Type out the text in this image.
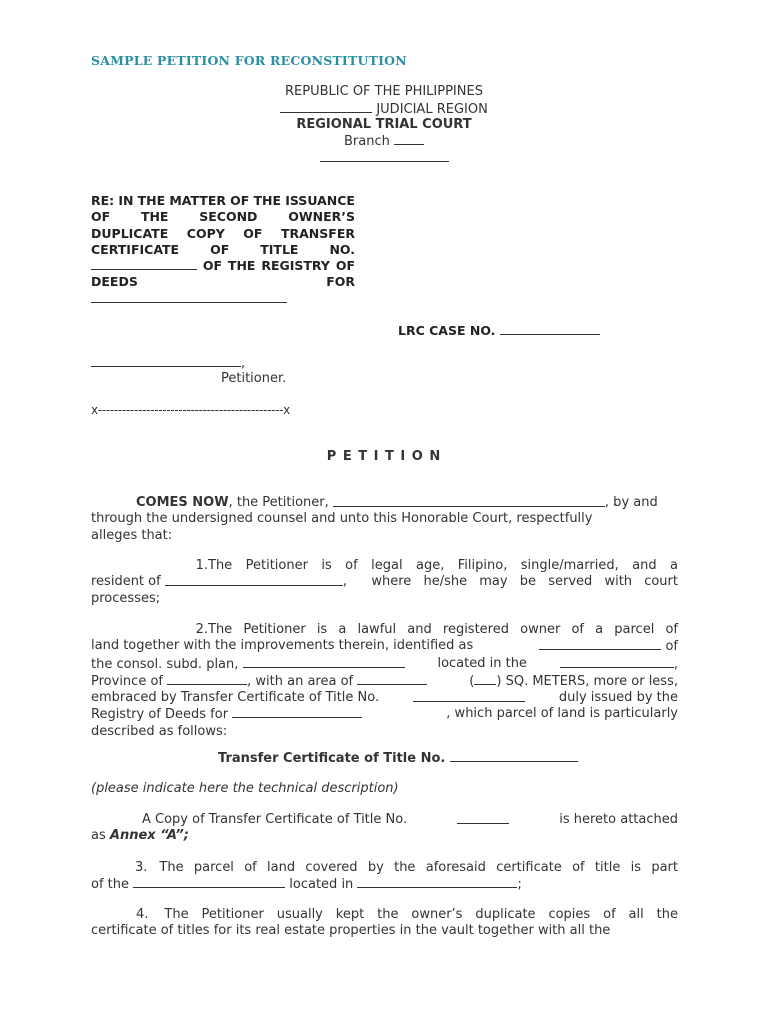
SAMPLE PETITION FOR RECONSTITUTION
REPUBLIC OF THE PHILIPPINES
JUDICIAL REGION
REGIONAL TRIAL COURT
Branch
RE: IN THE MATTER OF THE ISSUANCE
OF THE SECOND OWNER’S
DUPLICATE COPY OF TRANSFER
CERTIFICATE OF TITLE NO.
OF THE REGISTRY OF
DEEDS	FOR
LRC CASE NO.
,
Petitioner.
x----------------------------------------------x
P E T I T I O N
COMES NOW , the Petitioner,
	, by and
through the undersigned counsel and unto this Honorable Court, respectfully
alleges that:
1. The Petitioner is of legal age, Filipino, single/married, and a
resident of
	,  where he/she may be served with court
processes;
2. The Petitioner is a lawful and registered owner of a parcel of
land together with the improvements therein, identified as	of
the consol. subd. plan,	located in the	,
Province of	, with an area of	( ) SQ. METERS, more or less,
embraced by Transfer Certificate of Title No.	duly issued by the
Registry of Deeds for	, which parcel of land is particularly
described as follows:
Transfer Certificate of Title No.
(please indicate here the technical description)
A Copy of Transfer Certificate of Title No.	is hereto attached
as Annex “A”;
3. The parcel of land covered by the aforesaid certificate of title is part
of the	located in	;
4. The Petitioner usually kept the owner’s duplicate copies of all the
certificate of titles for its real estate properties in the vault together with all the
